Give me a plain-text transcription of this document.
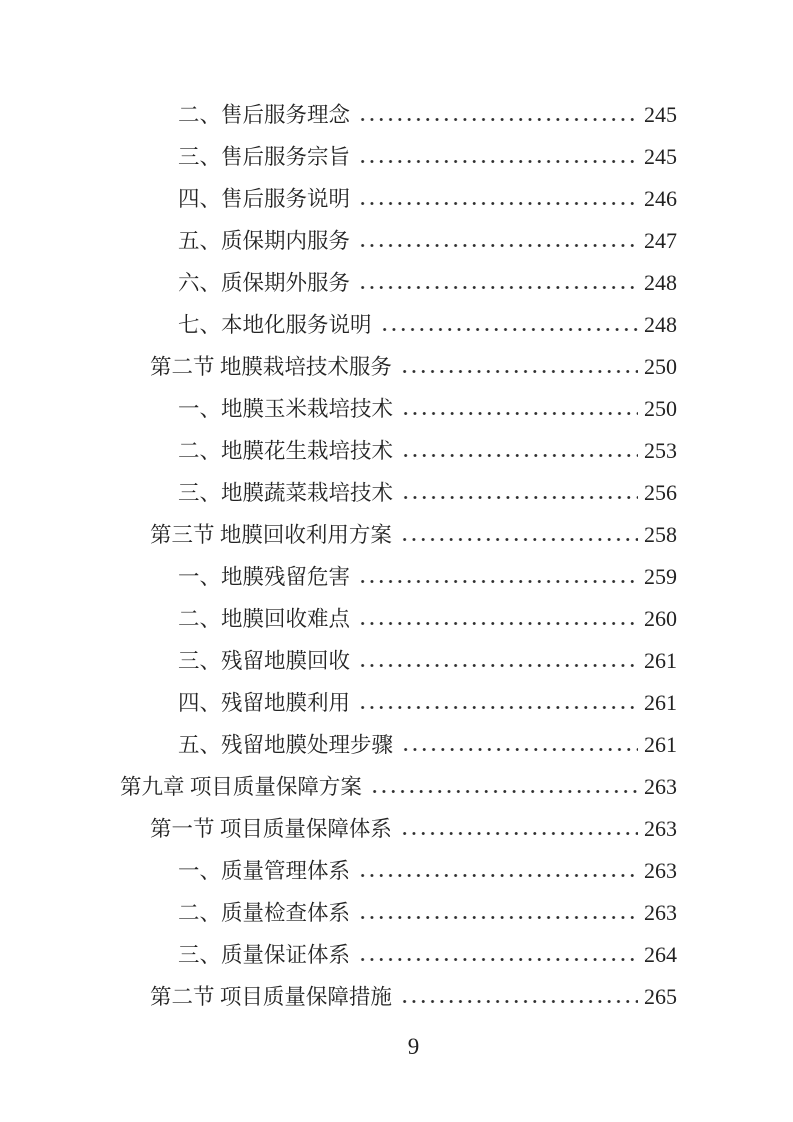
二、售后服务理念	245
三、售后服务宗旨	245
四、售后服务说明	246
五、质保期内服务	247
六、质保期外服务	248
七、本地化服务说明	248
第二节 地膜栽培技术服务	250
一、地膜玉米栽培技术	250
二、地膜花生栽培技术	253
三、地膜蔬菜栽培技术	256
第三节 地膜回收利用方案	258
一、地膜残留危害	259
二、地膜回收难点	260
三、残留地膜回收	261
四、残留地膜利用	261
五、残留地膜处理步骤	261
第九章 项目质量保障方案	263
第一节 项目质量保障体系	263
一、质量管理体系	263
二、质量检查体系	263
三、质量保证体系	264
第二节 项目质量保障措施	265
9
